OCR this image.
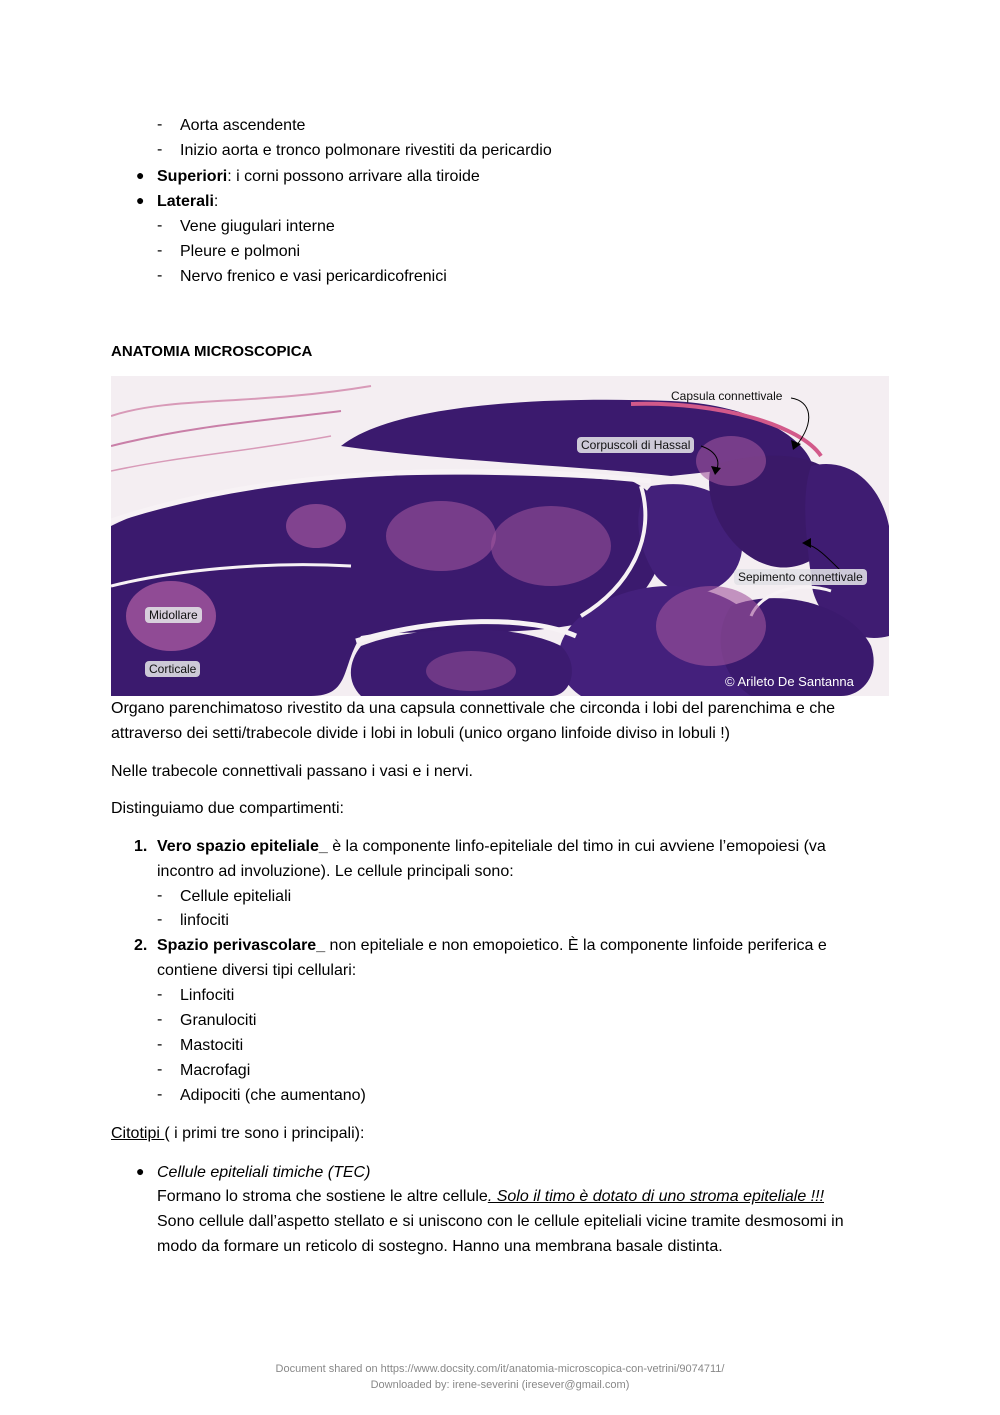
- Aorta ascendente
- Inizio aorta e tronco polmonare rivestiti da pericardio
● Superiori: i corni possono arrivare alla tiroide
● Laterali:
- Vene giugulari interne
- Pleure e polmoni
- Nervo frenico e vasi pericardicofrenici
ANATOMIA MICROSCOPICA
Capsula connettivale
Corpuscoli di Hassal
Sepimento connettivale
Midollare
Corticale
© Arileto De Santanna
Organo parenchimatoso rivestito da una capsula connettivale che circonda i lobi del parenchima e che
attraverso dei setti/trabecole divide i lobi in lobuli (unico organo linfoide diviso in lobuli !)
Nelle trabecole connettivali passano i vasi e i nervi.
Distinguiamo due compartimenti:
1. Vero spazio epiteliale_ è la componente linfo-epiteliale del timo in cui avviene l’emopoiesi (va
incontro ad involuzione). Le cellule principali sono:
- Cellule epiteliali
- linfociti
2. Spazio perivascolare_ non epiteliale e non emopoietico. È la componente linfoide periferica e
contiene diversi tipi cellulari:
- Linfociti
- Granulociti
- Mastociti
- Macrofagi
- Adipociti (che aumentano)
Citotipi ( i primi tre sono i principali):
● Cellule epiteliali timiche (TEC)
Formano lo stroma che sostiene le altre cellule. Solo il timo è dotato di uno stroma epiteliale !!!
Sono cellule dall’aspetto stellato e si uniscono con le cellule epiteliali vicine tramite desmosomi in
modo da formare un reticolo di sostegno. Hanno una membrana basale distinta.
Document shared on https://www.docsity.com/it/anatomia-microscopica-con-vetrini/9074711/
Downloaded by: irene-severini (iresever@gmail.com)
